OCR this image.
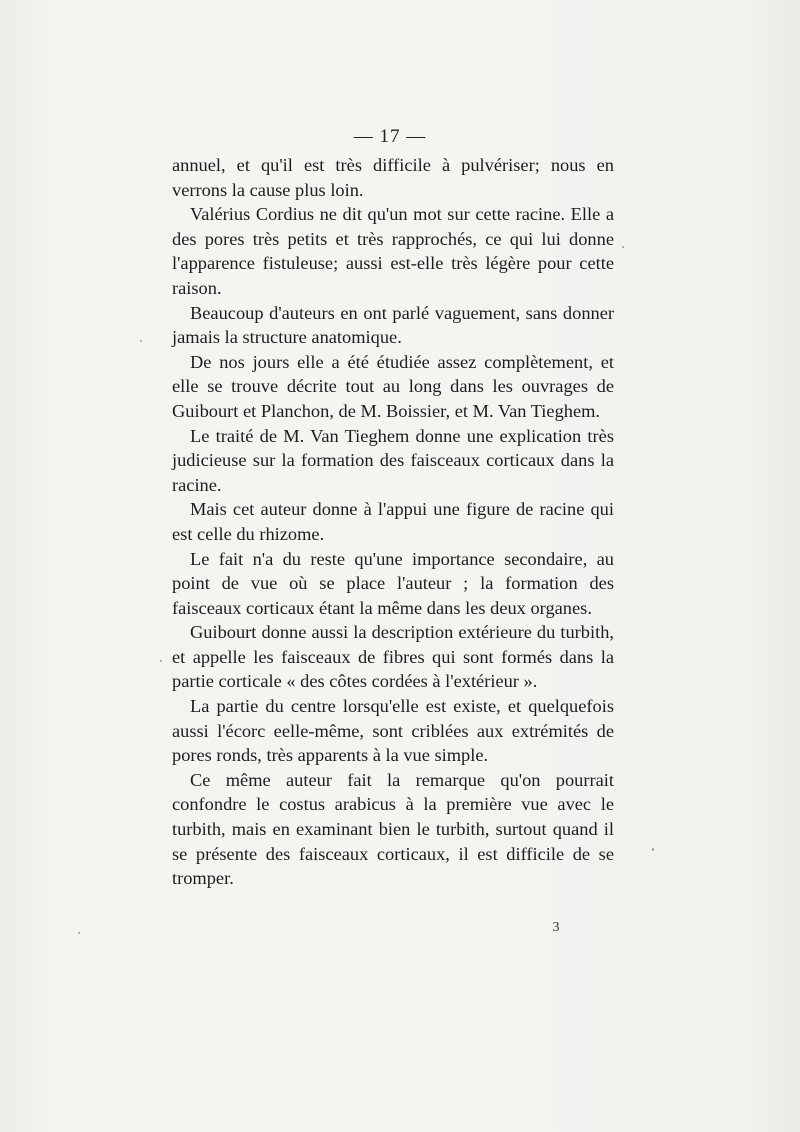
— 17 —

annuel, et qu'il est très difficile à pulvériser; nous en verrons la cause plus loin.

Valérius Cordius ne dit qu'un mot sur cette racine. Elle a des pores très petits et très rapprochés, ce qui lui donne l'apparence fistuleuse; aussi est-elle très légère pour cette raison.

Beaucoup d'auteurs en ont parlé vaguement, sans donner jamais la structure anatomique.

De nos jours elle a été étudiée assez complètement, et elle se trouve décrite tout au long dans les ouvrages de Guibourt et Planchon, de M. Boissier, et M. Van Tieghem.

Le traité de M. Van Tieghem donne une explication très judicieuse sur la formation des faisceaux corticaux dans la racine.

Mais cet auteur donne à l'appui une figure de racine qui est celle du rhizome.

Le fait n'a du reste qu'une importance secondaire, au point de vue où se place l'auteur ; la formation des faisceaux corticaux étant la même dans les deux organes.

Guibourt donne aussi la description extérieure du turbith, et appelle les faisceaux de fibres qui sont formés dans la partie corticale « des côtes cordées à l'extérieur ».

La partie du centre lorsqu'elle est existe, et quelquefois aussi l'écorc eelle-même, sont criblées aux extrémités de pores ronds, très apparents à la vue simple.

Ce même auteur fait la remarque qu'on pourrait confondre le costus arabicus à la première vue avec le turbith, mais en examinant bien le turbith, surtout quand il se présente des faisceaux corticaux, il est difficile de se tromper.

3
